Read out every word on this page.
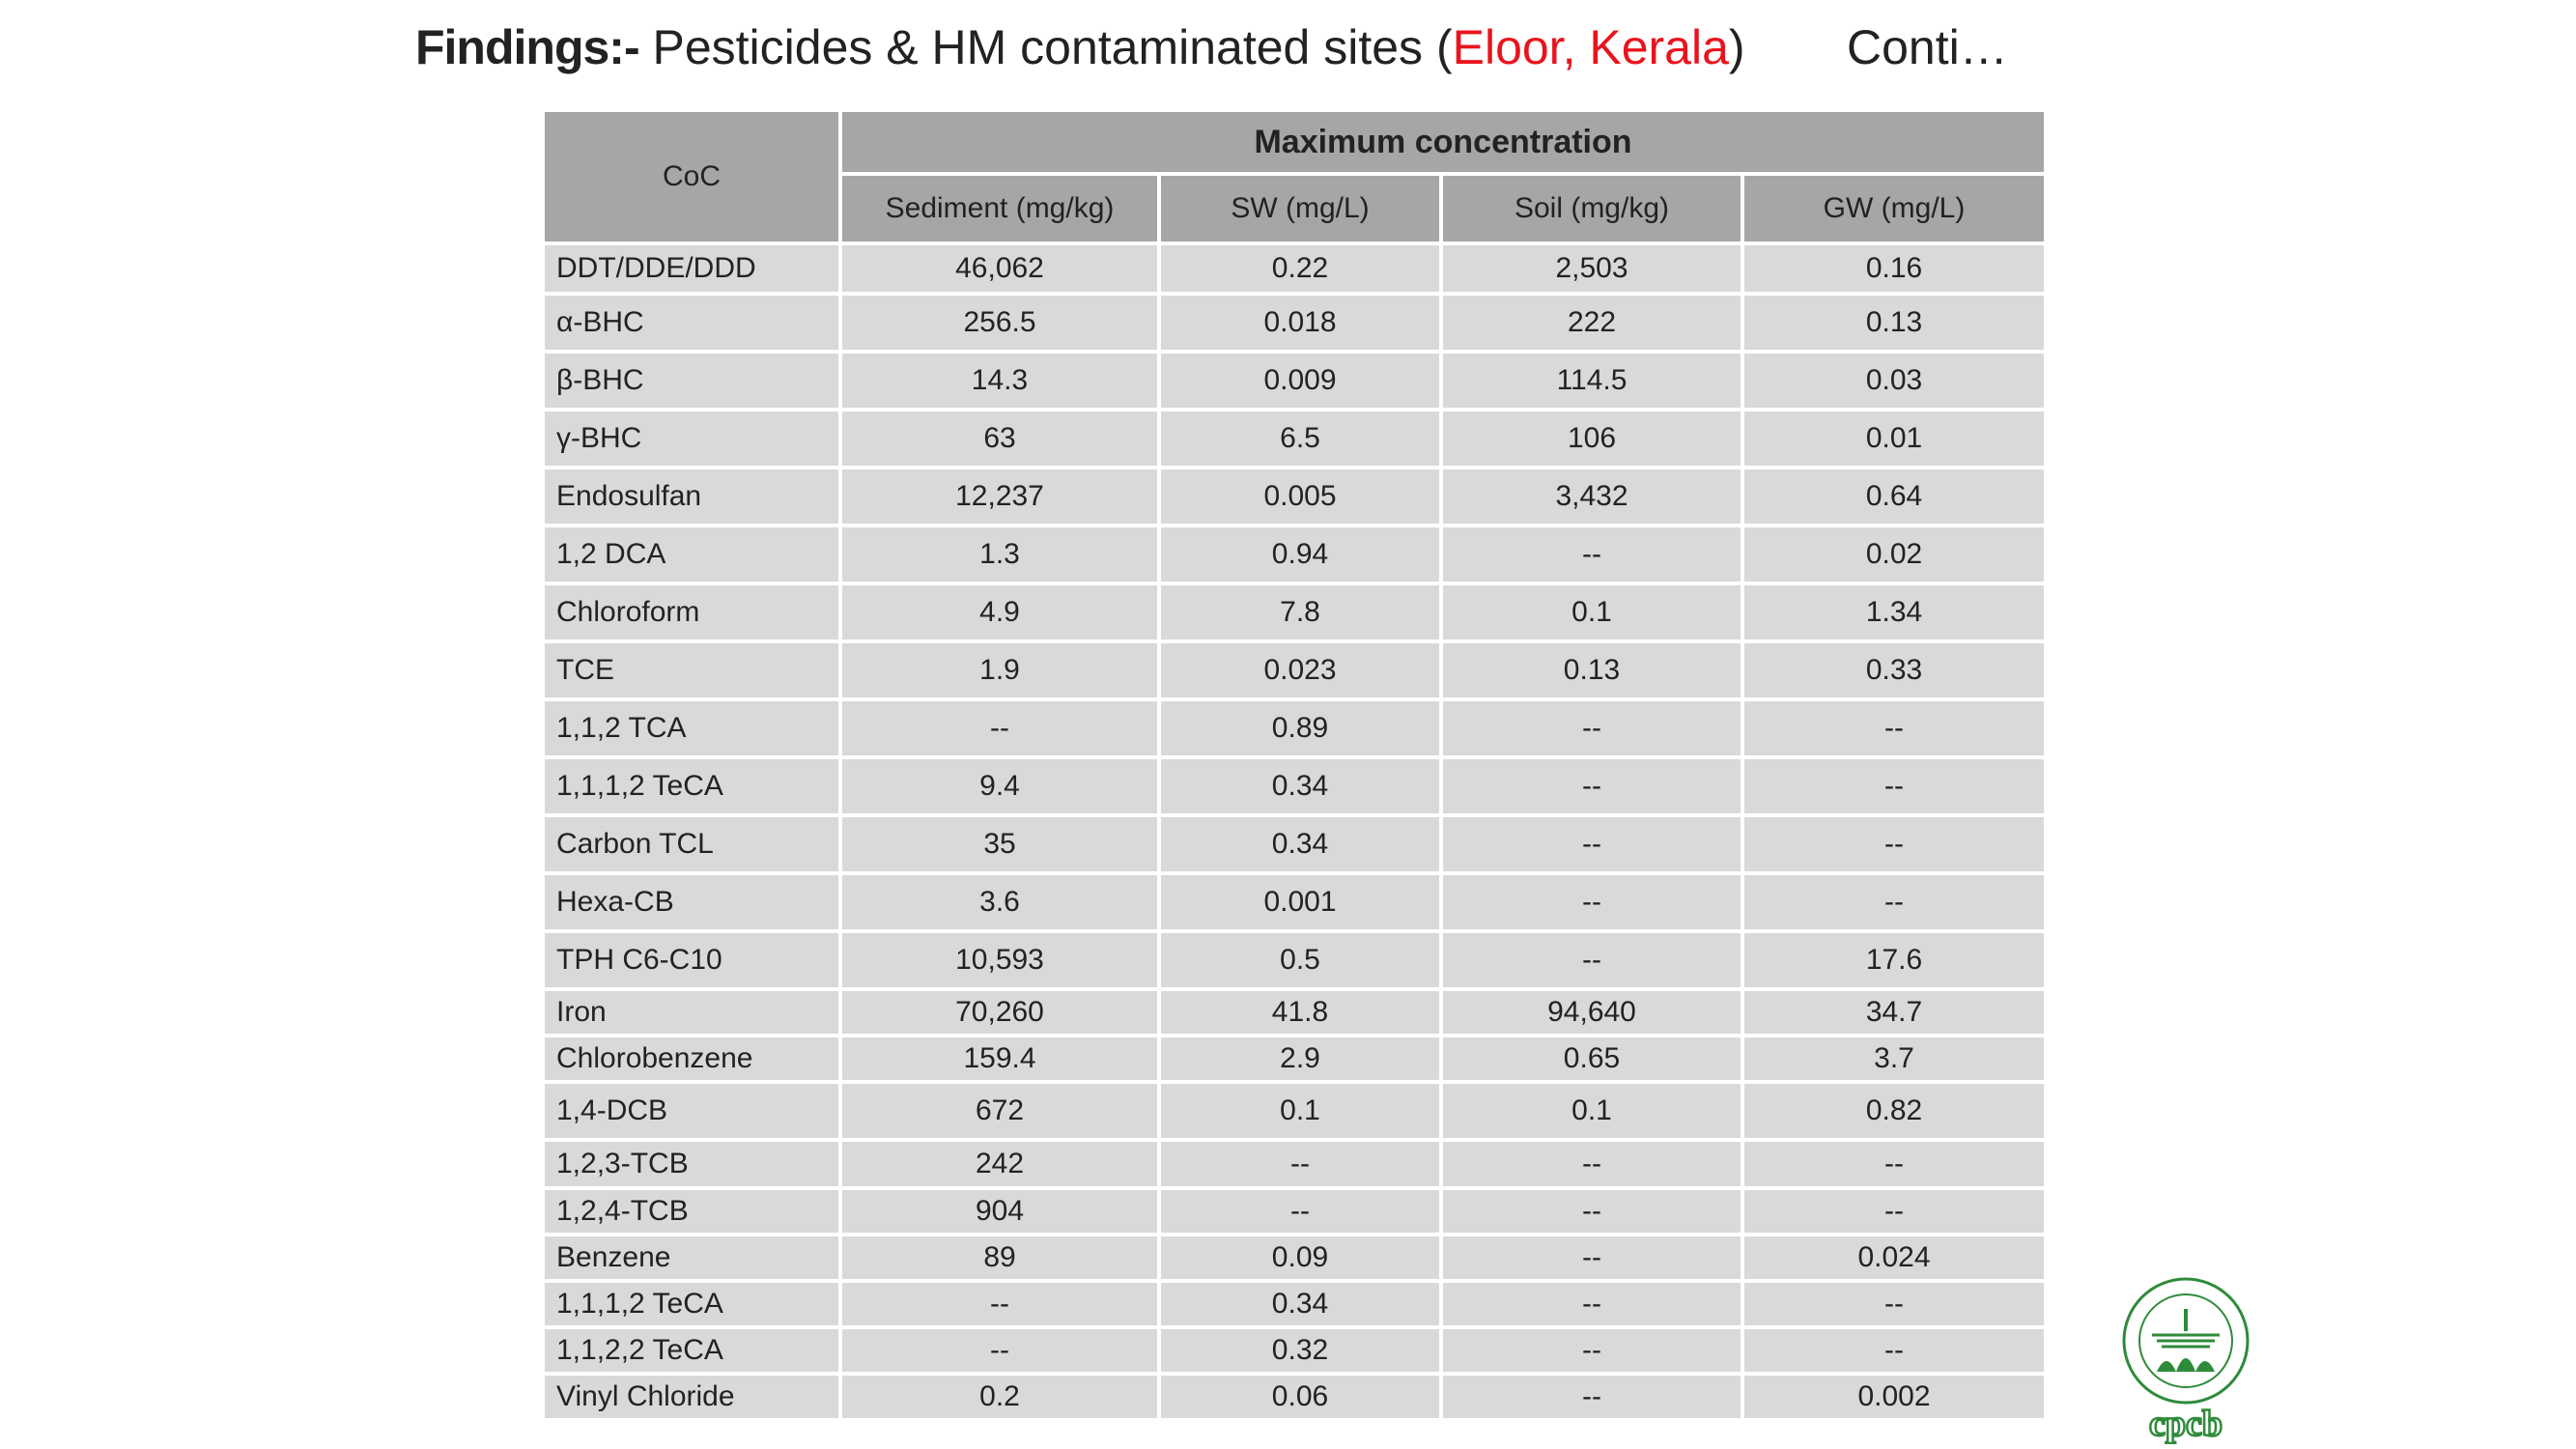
Findings:- Pesticides & HM contaminated sites (Eloor, Kerala) Conti…
CoC	Maximum concentration			
	Sediment (mg/kg)	SW (mg/L)	Soil (mg/kg)	GW (mg/L)
DDT/DDE/DDD	46,062	0.22	2,503	0.16
α-BHC	256.5	0.018	222	0.13
β-BHC	14.3	0.009	114.5	0.03
γ-BHC	63	6.5	106	0.01
Endosulfan	12,237	0.005	3,432	0.64
1,2 DCA	1.3	0.94	--	0.02
Chloroform	4.9	7.8	0.1	1.34
TCE	1.9	0.023	0.13	0.33
1,1,2 TCA	--	0.89	--	--
1,1,1,2 TeCA	9.4	0.34	--	--
Carbon TCL	35	0.34	--	--
Hexa-CB	3.6	0.001	--	--
TPH C6-C10	10,593	0.5	--	17.6
Iron	70,260	41.8	94,640	34.7
Chlorobenzene	159.4	2.9	0.65	3.7
1,4-DCB	672	0.1	0.1	0.82
1,2,3-TCB	242	--	--	--
1,2,4-TCB	904	--	--	--
Benzene	89	0.09	--	0.024
1,1,1,2 TeCA	--	0.34	--	--
1,1,2,2 TeCA	--	0.32	--	--
Vinyl Chloride	0.2	0.06	--	0.002
cpcb
